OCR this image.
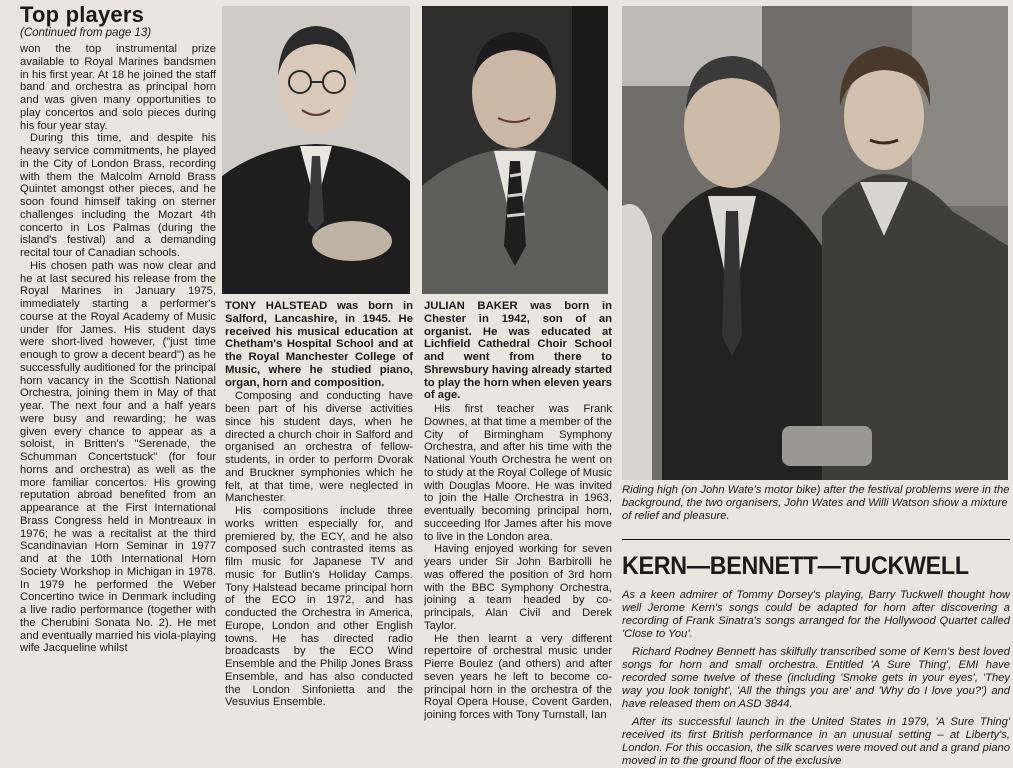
Top players
(Continued from page 13)

won the top instrumental prize available to Royal Marines bandsmen in his first year. At 18 he joined the staff band and orchestra as principal horn and was given many opportunities to play concertos and solo pieces during his four year stay.

During this time, and despite his heavy service commitments, he played in the City of London Brass, recording with them the Malcolm Arnold Brass Quintet amongst other pieces, and he soon found himself taking on sterner challenges including the Mozart 4th concerto in Los Palmas (during the island's festival) and a demanding recital tour of Canadian schools.

His chosen path was now clear and he at last secured his release from the Royal Marines in January 1975, immediately starting a performer's course at the Royal Academy of Music under Ifor James. His student days were short-lived however, ("just time enough to grow a decent beard") as he successfully auditioned for the principal horn vacancy in the Scottish National Orchestra, joining them in May of that year. The next four and a half years were busy and rewarding; he was given every chance to appear as a soloist, in Britten's "Serenade, the Schumman Concertstuck" (for four horns and orchestra) as well as the more familiar concertos. His growing reputation abroad benefited from an appearance at the First International Brass Congress held in Montreaux in 1976; he was a recitalist at the third Scandinavian Horn Seminar in 1977 and at the 10th International Horn Society Workshop in Michigan in 1978. In 1979 he performed the Weber Concertino twice in Denmark including a live radio performance (together with the Cherubini Sonata No. 2). He met and eventually married his viola-playing wife Jacqueline whilst

TONY HALSTEAD was born in Salford, Lancashire, in 1945. He received his musical education at Chetham's Hospital School and at the Royal Manchester College of Music, where he studied piano, organ, horn and composition.

Composing and conducting have been part of his diverse activities since his student days, when he directed a church choir in Salford and organised an orchestra of fellow-students, in order to perform Dvorak and Bruckner symphonies which he felt, at that time, were neglected in Manchester.

His compositions include three works written especially for, and premiered by, the ECY, and he also composed such contrasted items as film music for Japanese TV and music for Butlin's Holiday Camps. Tony Halstead became principal horn of the ECO in 1972, and has conducted the Orchestra in America, Europe, London and other English towns. He has directed radio broadcasts by the ECO Wind Ensemble and the Philip Jones Brass Ensemble, and has also conducted the London Sinfonietta and the Vesuvius Ensemble.

JULIAN BAKER was born in Chester in 1942, son of an organist. He was educated at Lichfield Cathedral Choir School and went from there to Shrewsbury having already started to play the horn when eleven years of age.

His first teacher was Frank Downes, at that time a member of the City of Birmingham Symphony Orchestra, and after his time with the National Youth Orchestra he went on to study at the Royal College of Music with Douglas Moore. He was invited to join the Halle Orchestra in 1963, eventually becoming principal horn, succeeding Ifor James after his move to live in the London area.

Having enjoyed working for seven years under Sir John Barbirolli he was offered the position of 3rd horn with the BBC Symphony Orchestra, joining a team headed by co-principals, Alan Civil and Derek Taylor.

He then learnt a very different repertoire of orchestral music under Pierre Boulez (and others) and after seven years he left to become co-principal horn in the orchestra of the Royal Opera House, Covent Garden, joining forces with Tony Turnstall, Ian

Riding high (on John Wate's motor bike) after the festival problems were in the background, the two organisers, John Wates and Willi Watson show a mixture of relief and pleasure.

KERN—BENNETT—TUCKWELL

As a keen admirer of Tommy Dorsey's playing, Barry Tuckwell thought how well Jerome Kern's songs could be adapted for horn after discovering a recording of Frank Sinatra's songs arranged for the Hollywood Quartet called 'Close to You'.

Richard Rodney Bennett has skilfully transcribed some of Kern's best loved songs for horn and small orchestra. Entitled 'A Sure Thing', EMI have recorded some twelve of these (including 'Smoke gets in your eyes', 'They way you look tonight', 'All the things you are' and 'Why do I love you?') and have released them on ASD 3844.

After its successful launch in the United States in 1979, 'A Sure Thing' received its first British performance in an unusual setting – at Liberty's, London. For this occasion, the silk scarves were moved out and a grand piano moved in to the ground floor of the exclusive
